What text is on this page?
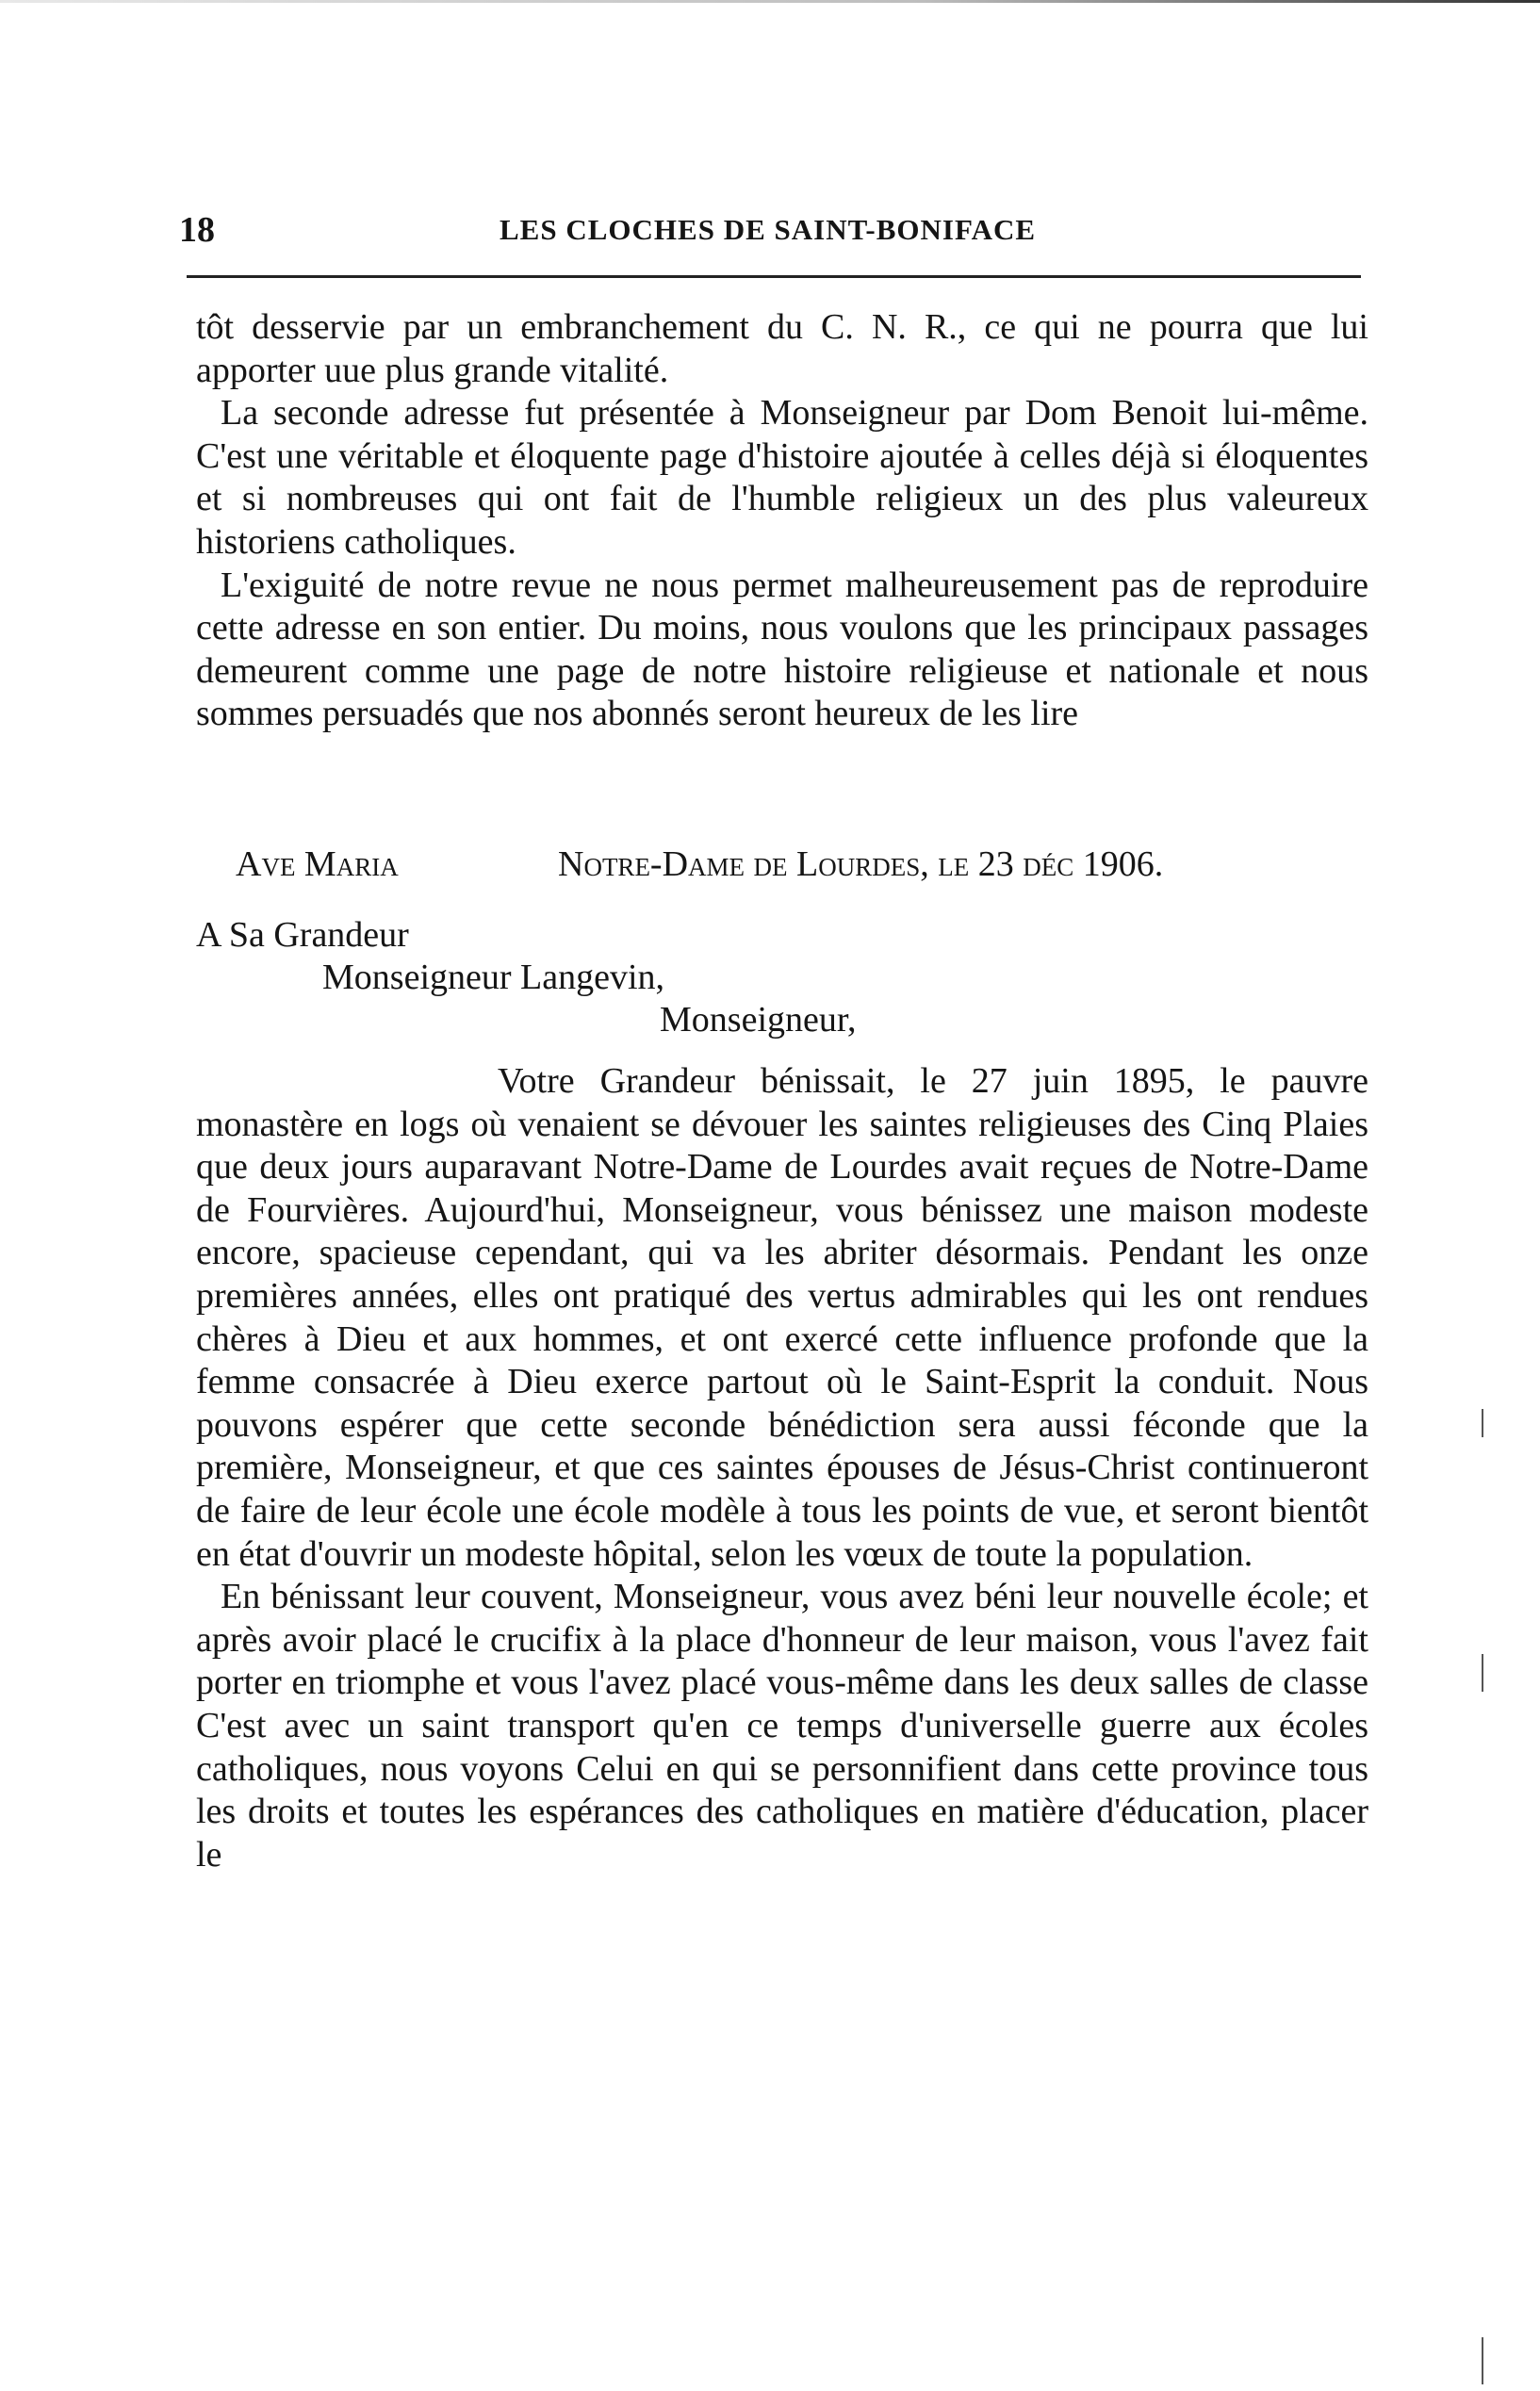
18	LES CLOCHES DE SAINT-BONIFACE

tôt desservie par un embranchement du C. N. R., ce qui ne pourra que lui apporter uue plus grande vitalité.

La seconde adresse fut présentée à Monseigneur par Dom Benoit lui-même. C'est une véritable et éloquente page d'histoire ajoutée à celles déjà si éloquentes et si nombreuses qui ont fait de l'humble religieux un des plus valeureux historiens catholiques.

L'exiguité de notre revue ne nous permet malheureusement pas de reproduire cette adresse en son entier. Du moins, nous voulons que les principaux passages demeurent comme une page de notre histoire religieuse et nationale et nous sommes persuadés que nos abonnés seront heureux de les lire

Ave Maria	Notre-Dame de Lourdes, le 23 déc 1906.
A Sa Grandeur
Monseigneur Langevin,
Monseigneur,

Votre Grandeur bénissait, le 27 juin 1895, le pauvre monastère en logs où venaient se dévouer les saintes religieuses des Cinq Plaies que deux jours auparavant Notre-Dame de Lourdes avait reçues de Notre-Dame de Fourvières. Aujourd'hui, Monseigneur, vous bénissez une maison modeste encore, spacieuse cependant, qui va les abriter désormais. Pendant les onze premières années, elles ont pratiqué des vertus admirables qui les ont rendues chères à Dieu et aux hommes, et ont exercé cette influence profonde que la femme consacrée à Dieu exerce partout où le Saint-Esprit la conduit. Nous pouvons espérer que cette seconde bénédiction sera aussi féconde que la première, Monseigneur, et que ces saintes épouses de Jésus-Christ continueront de faire de leur école une école modèle à tous les points de vue, et seront bientôt en état d'ouvrir un modeste hôpital, selon les vœux de toute la population.

En bénissant leur couvent, Monseigneur, vous avez béni leur nouvelle école; et après avoir placé le crucifix à la place d'honneur de leur maison, vous l'avez fait porter en triomphe et vous l'avez placé vous-même dans les deux salles de classe C'est avec un saint transport qu'en ce temps d'universelle guerre aux écoles catholiques, nous voyons Celui en qui se personnifient dans cette province tous les droits et toutes les espérances des catholiques en matière d'éducation, placer le
